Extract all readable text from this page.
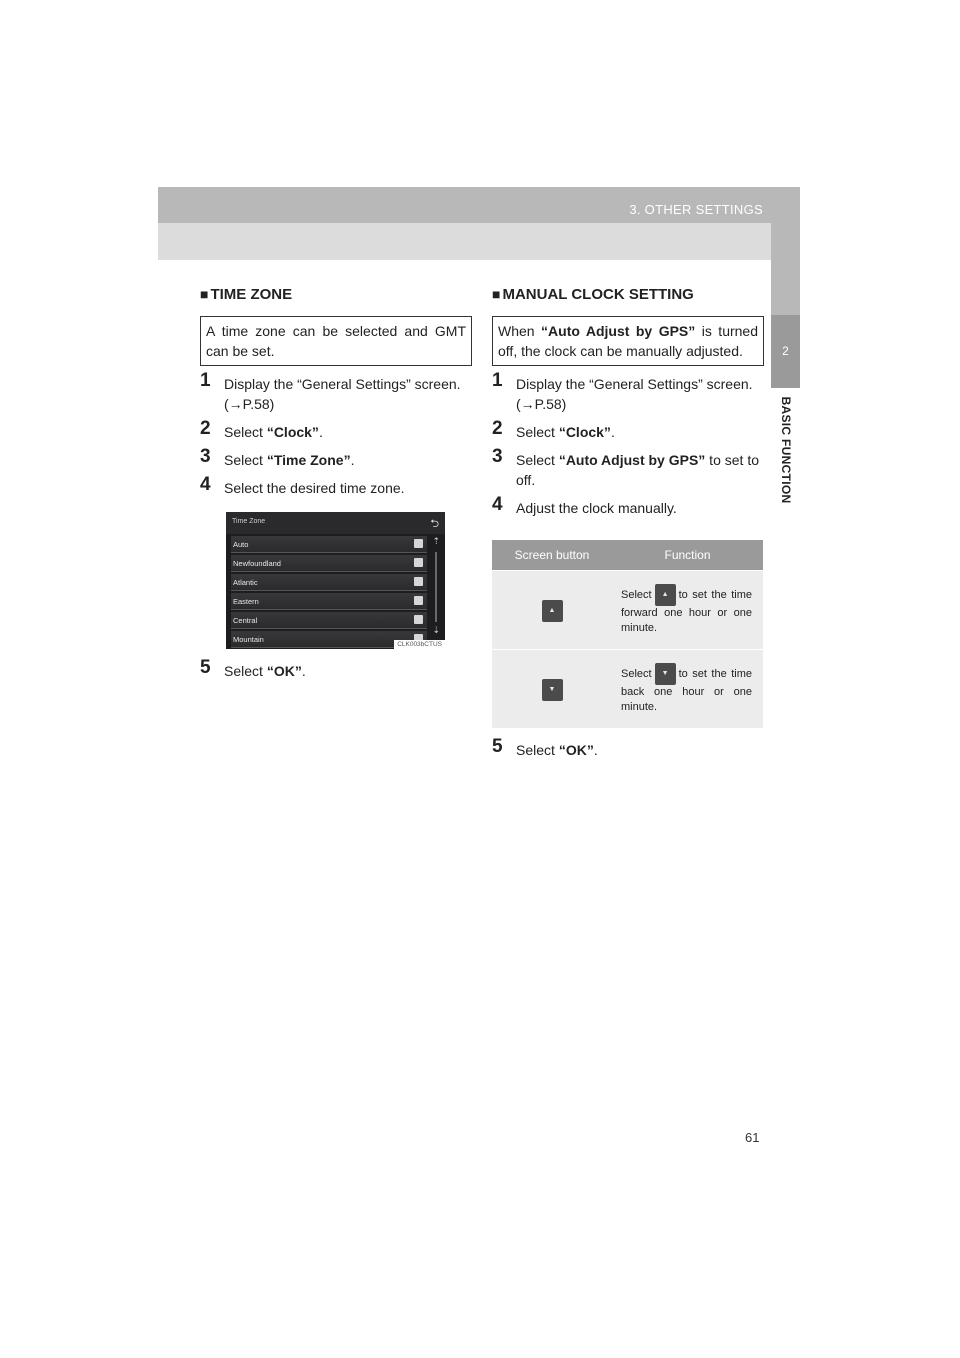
3. OTHER SETTINGS
2
BASIC FUNCTION
■ TIME ZONE
A time zone can be selected and GMT can be set.
1 Display the “General Settings” screen. (→P.58)
2 Select “Clock”.
3 Select “Time Zone”.
4 Select the desired time zone.
Time Zone	⮌
Auto
Newfoundland
Atlantic
Eastern
Central
Mountain
⇡
⇣
CLK003bCTUS
5 Select “OK”.
■ MANUAL CLOCK SETTING
When “Auto Adjust by GPS” is turned off, the clock can be manually adjusted.
1 Display the “General Settings” screen. (→P.58)
2 Select “Clock”.
3 Select “Auto Adjust by GPS” to set to off.
4 Adjust the clock manually.
Screen button	Function
▲	Select ▲ to set the time forward one hour or one minute.

▼	Select ▼ to set the time back one hour or one minute.
5 Select “OK”.
61
